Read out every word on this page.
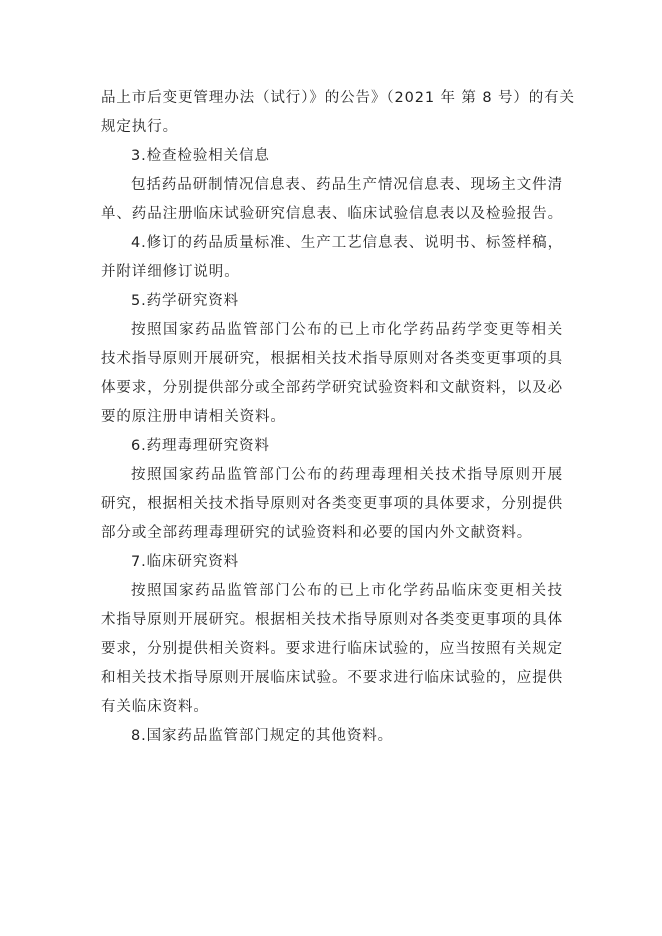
品上市后变更管理办法（试行）》的公告》（2021 年 第 8 号）的有关
规定执行。
3.检查检验相关信息
包括药品研制情况信息表、药品生产情况信息表、现场主文件清
单、药品注册临床试验研究信息表、临床试验信息表以及检验报告。
4.修订的药品质量标准、生产工艺信息表、说明书、标签样稿，
并附详细修订说明。
5.药学研究资料
按照国家药品监管部门公布的已上市化学药品药学变更等相关
技术指导原则开展研究，根据相关技术指导原则对各类变更事项的具
体要求，分别提供部分或全部药学研究试验资料和文献资料，以及必
要的原注册申请相关资料。
6.药理毒理研究资料
按照国家药品监管部门公布的药理毒理相关技术指导原则开展
研究，根据相关技术指导原则对各类变更事项的具体要求，分别提供
部分或全部药理毒理研究的试验资料和必要的国内外文献资料。
7.临床研究资料
按照国家药品监管部门公布的已上市化学药品临床变更相关技
术指导原则开展研究。根据相关技术指导原则对各类变更事项的具体
要求，分别提供相关资料。要求进行临床试验的，应当按照有关规定
和相关技术指导原则开展临床试验。不要求进行临床试验的，应提供
有关临床资料。
8.国家药品监管部门规定的其他资料。
